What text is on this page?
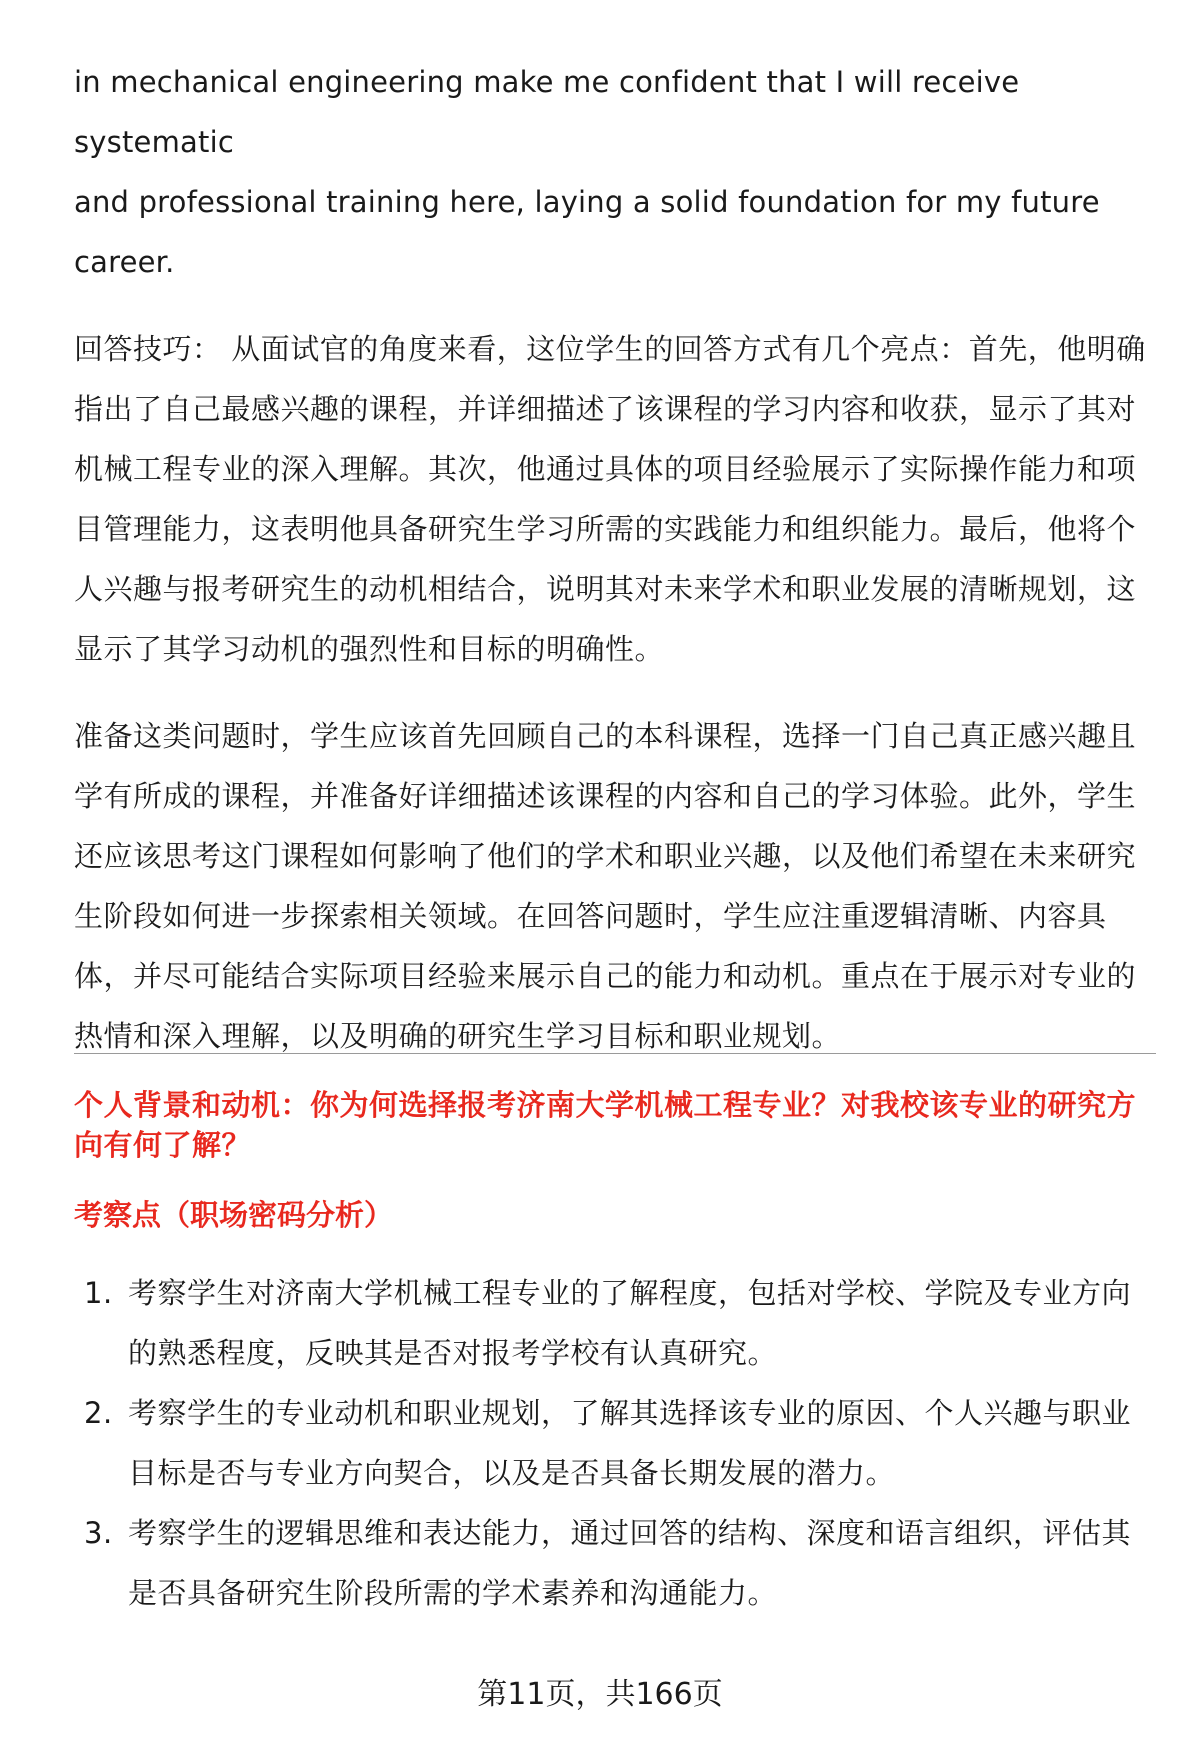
in mechanical engineering make me confident that I will receive systematic
and professional training here, laying a solid foundation for my future
career.
回答技巧： 从面试官的角度来看，这位学生的回答方式有几个亮点：首先，他明确
指出了自己最感兴趣的课程，并详细描述了该课程的学习内容和收获，显示了其对
机械工程专业的深入理解。其次，他通过具体的项目经验展示了实际操作能力和项
目管理能力，这表明他具备研究生学习所需的实践能力和组织能力。最后，他将个
人兴趣与报考研究生的动机相结合，说明其对未来学术和职业发展的清晰规划，这
显示了其学习动机的强烈性和目标的明确性。
准备这类问题时，学生应该首先回顾自己的本科课程，选择一门自己真正感兴趣且
学有所成的课程，并准备好详细描述该课程的内容和自己的学习体验。此外，学生
还应该思考这门课程如何影响了他们的学术和职业兴趣，以及他们希望在未来研究
生阶段如何进一步探索相关领域。在回答问题时，学生应注重逻辑清晰、内容具
体，并尽可能结合实际项目经验来展示自己的能力和动机。重点在于展示对专业的
热情和深入理解，以及明确的研究生学习目标和职业规划。
个人背景和动机：你为何选择报考济南大学机械工程专业？对我校该专业的研究方
向有何了解？
考察点（职场密码分析）
1. 考察学生对济南大学机械工程专业的了解程度，包括对学校、学院及专业方向
的熟悉程度，反映其是否对报考学校有认真研究。
2. 考察学生的专业动机和职业规划，了解其选择该专业的原因、个人兴趣与职业
目标是否与专业方向契合，以及是否具备长期发展的潜力。
3. 考察学生的逻辑思维和表达能力，通过回答的结构、深度和语言组织，评估其
是否具备研究生阶段所需的学术素养和沟通能力。
第11页，共166页
